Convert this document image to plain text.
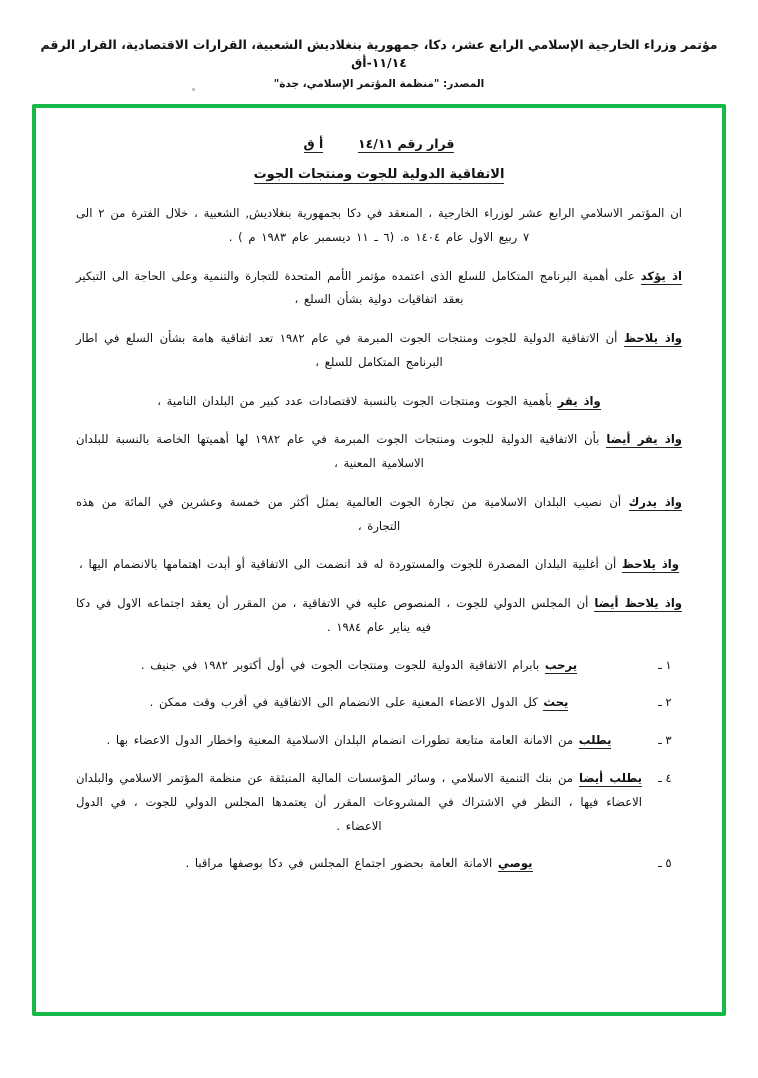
مؤتمر وزراء الخارجية الإسلامي الرابع عشر، دكا، جمهورية بنغلاديش الشعبية، القرارات الاقتصادية، القرار الرقم ١١/١٤-أق
المصدر: "منظمة المؤتمر الإسلامي، جدة"
قرار رقم ١٤/١١  أ ق
الاتفاقية الدولية للجوت ومنتجات الجوت

ان المؤتمر الاسلامي الرابع عشر لوزراء الخارجية ، المنعقد في دكا بجمهورية بنغلاديش, الشعبية ، خلال الفترة من ٢ الى ٧ ربيع الاول عام ١٤٠٤ ه. (٦ ـ ١١ ديسمبر عام ١٩٨٣ م ) .

اذ يؤكد على أهمية البرنامج المتكامل للسلع الذى اعتمده مؤتمر الأمم المتحدة للتجارة والتنمية وعلى الحاجة الى التبكير بعقد اتفاقيات دولية بشأن السلع ،

واذ يلاحظ أن الاتفاقية الدولية للجوت ومنتجات الجوت المبرمة في عام ١٩٨٢ تعد اتفاقية هامة بشأن السلع في اطار البرنامج المتكامل للسلع ،

واذ يقر بأهمية الجوت ومنتجات الجوت بالنسبة لاقتصادات عدد كبير من البلدان النامية ،

واذ يقر أيضا بأن الاتفاقية الدولية للجوت ومنتجات الجوت المبرمة في عام ١٩٨٢ لها أهميتها الخاصة بالنسبة للبلدان الاسلامية المعنية ،

واذ يدرك أن نصيب البلدان الاسلامية من تجارة الجوت العالمية يمثل أكثر من خمسة وعشرين في المائة من هذه التجارة ،

واذ يلاحظ أن أغلبية البلدان المصدرة للجوت والمستوردة له قد انضمت الى الاتفاقية أو أبدت اهتمامها بالانضمام اليها ،

واذ يلاحظ أيضا أن المجلس الدولي للجوت ، المنصوص عليه في الاتفاقية ، من المقرر أن يعقد اجتماعه الاول في دكا فيه يناير عام ١٩٨٤ .

١ ـ
يرحب بابرام الاتفاقية الدولية للجوت ومنتجات الجوت في أول أكتوبر ١٩٨٢ في جنيف .
٢ ـ
يحث كل الدول الاعضاء المعنية على الانضمام الى الاتفاقية في أقرب وقت ممكن .
٣ ـ
يطلب من الامانة العامة متابعة تطورات انضمام البلدان الاسلامية المعنية واخطار الدول الاعضاء بها .
٤ ـ
يطلب أيضا من بنك التنمية الاسلامي ، وسائر المؤسسات المالية المنبثقة عن منظمة المؤتمر الاسلامي والبلدان الاعضاء فيها ، النظر في الاشتراك في المشروعات المقرر أن يعتمدها المجلس الدولي للجوت ، في الدول الاعضاء .
٥ ـ
يوصي الامانة العامة بحضور اجتماع المجلس في دكا بوصفها مراقبا .
